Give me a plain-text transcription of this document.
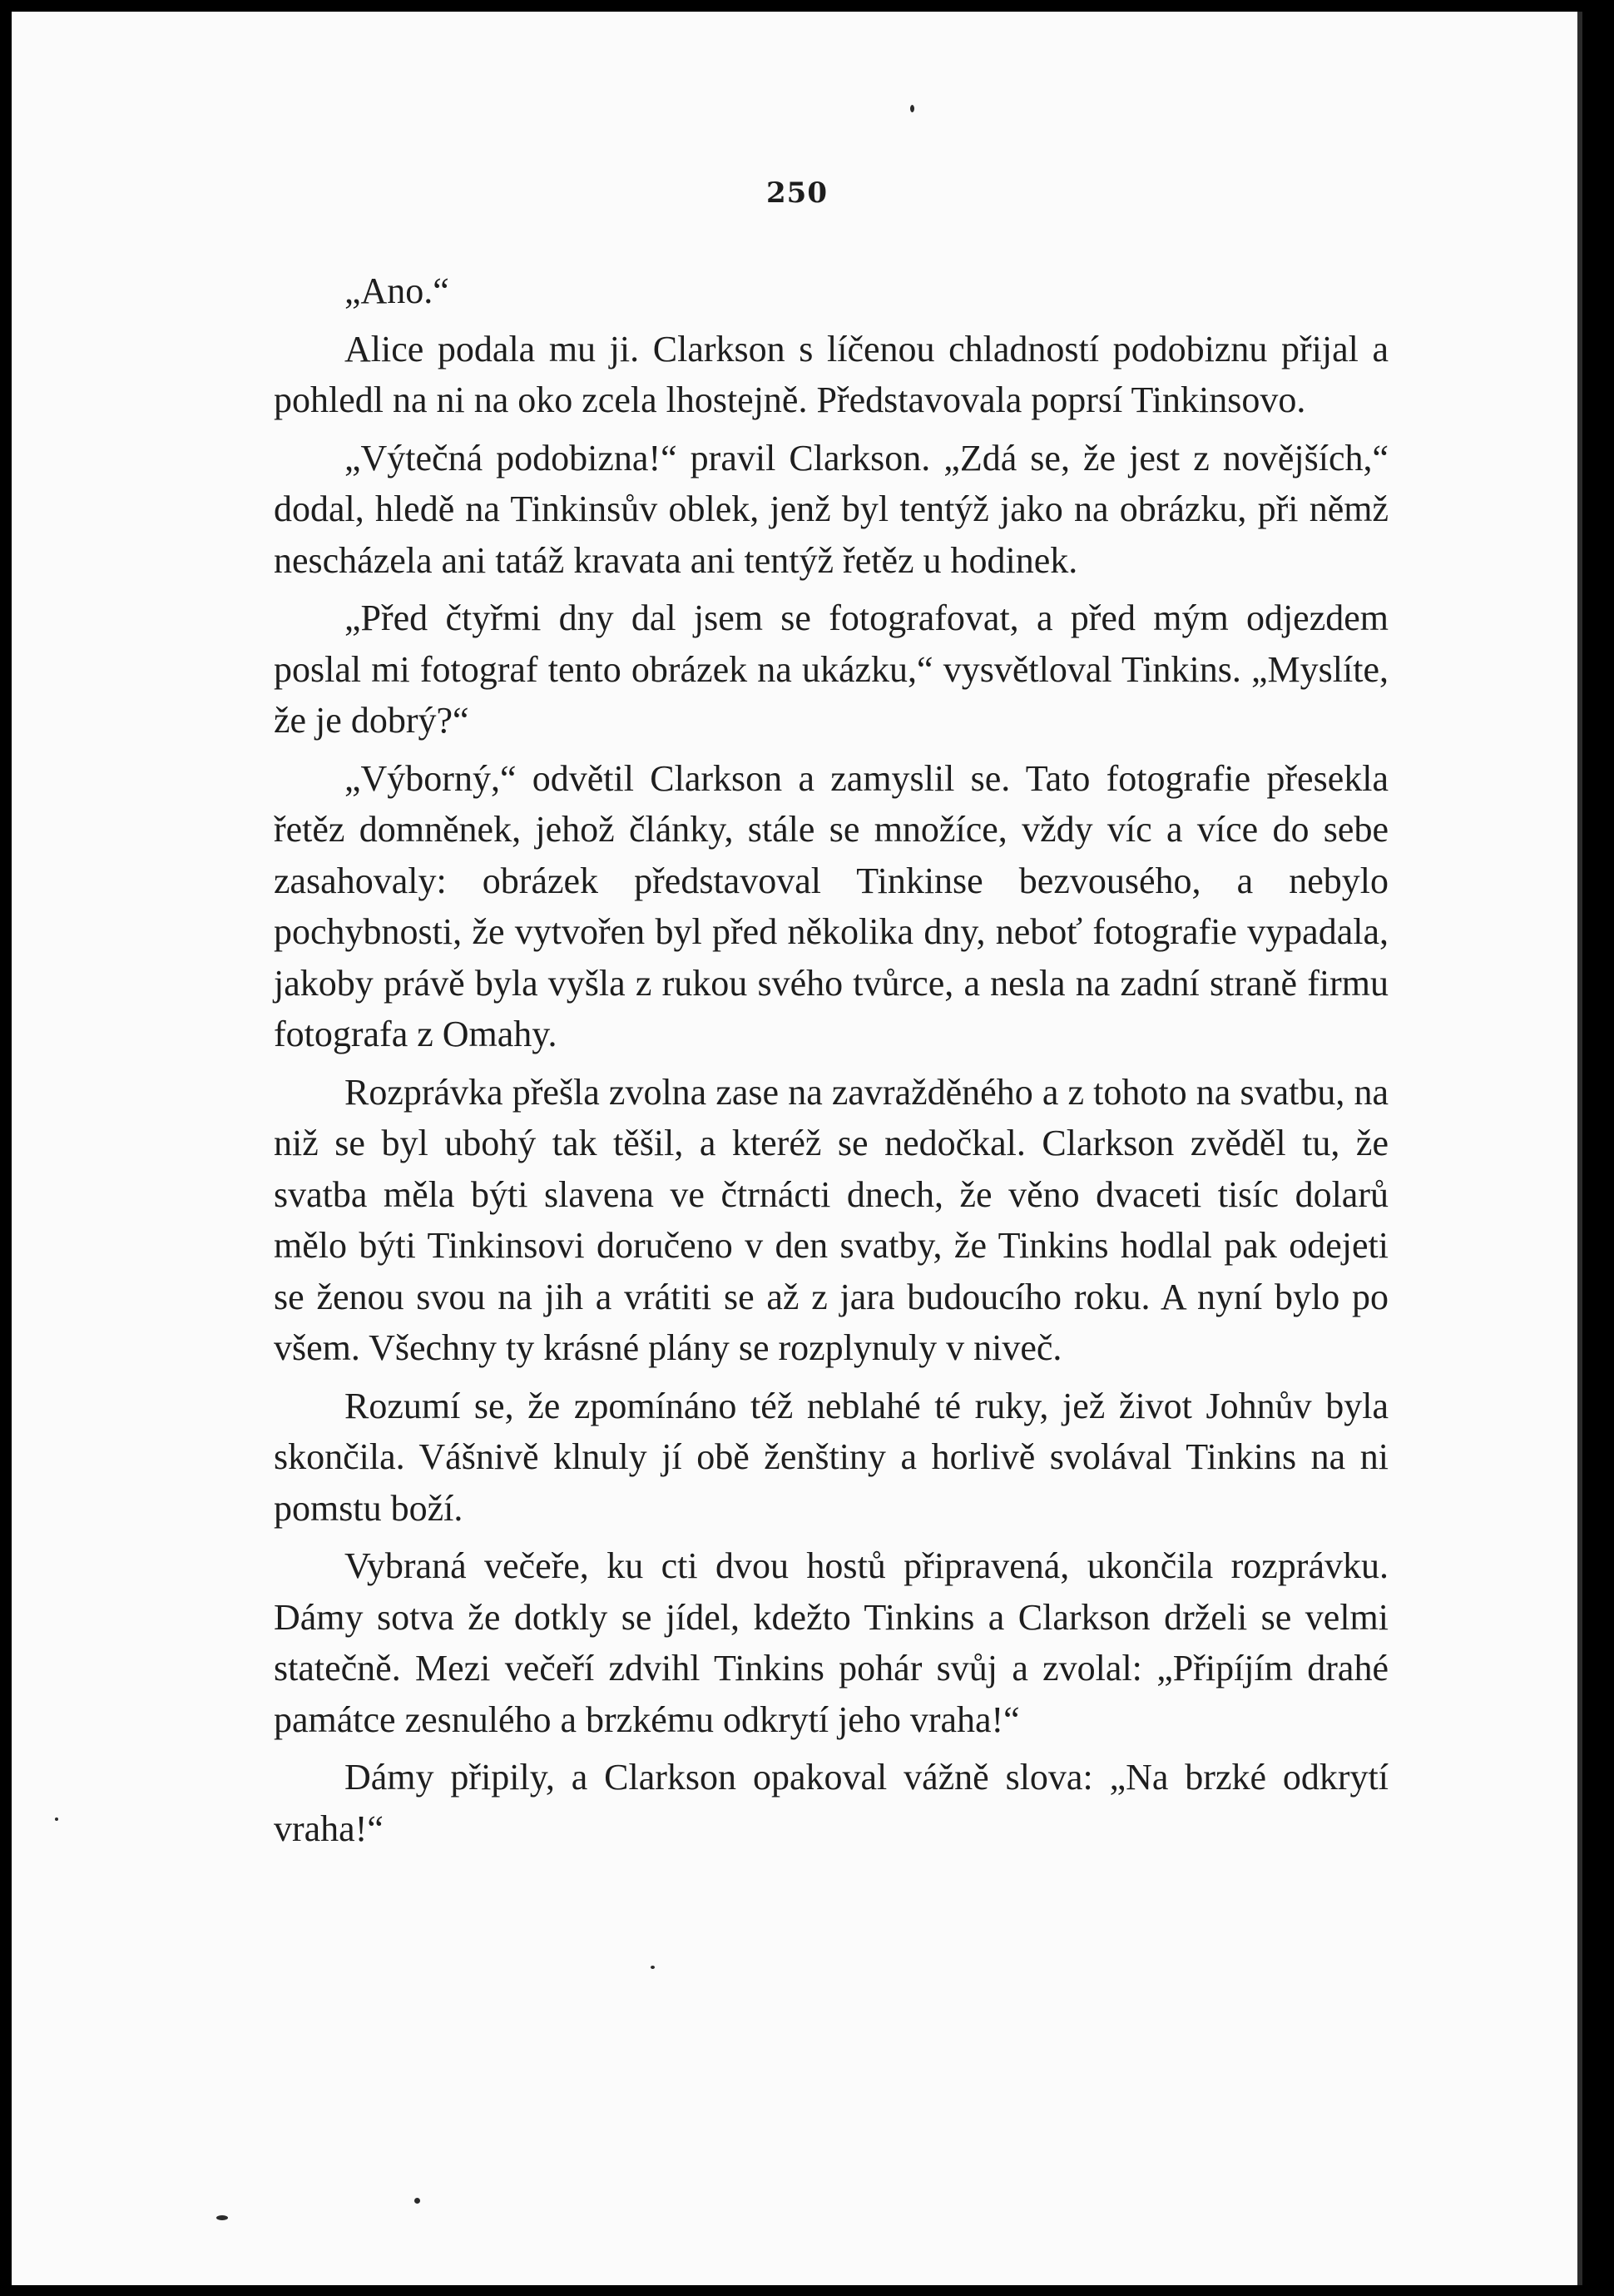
250

„Ano.“

Alice podala mu ji. Clarkson s líčenou chladností podobiznu přijal a pohledl na ni na oko zcela lhostejně. Představovala poprsí Tinkinsovo.

„Výtečná podobizna!“ pravil Clarkson. „Zdá se, že jest z novějších,“ dodal, hledě na Tinkinsův oblek, jenž byl tentýž jako na obrázku, při němž nescházela ani tatáž kravata ani tentýž řetěz u hodinek.

„Před čtyřmi dny dal jsem se fotografovat, a před mým odjezdem poslal mi fotograf tento obrázek na ukázku,“ vysvětloval Tinkins. „Myslíte, že je dobrý?“

„Výborný,“ odvětil Clarkson a zamyslil se. Tato fotografie přesekla řetěz domněnek, jehož články, stále se množíce, vždy víc a více do sebe zasahovaly: obrázek představoval Tinkinse bezvousého, a nebylo pochybnosti, že vytvořen byl před několika dny, neboť fotografie vypadala, jakoby právě byla vyšla z rukou svého tvůrce, a nesla na zadní straně firmu fotografa z Omahy.

Rozprávka přešla zvolna zase na zavražděného a z tohoto na svatbu, na niž se byl ubohý tak těšil, a kteréž se nedočkal. Clarkson zvěděl tu, že svatba měla býti slavena ve čtrnácti dnech, že věno dvaceti tisíc dolarů mělo býti Tinkinsovi doručeno v den svatby, že Tinkins hodlal pak odejeti se ženou svou na jih a vrátiti se až z jara budoucího roku. A nyní bylo po všem. Všechny ty krásné plány se rozplynuly v niveč.

Rozumí se, že zpomínáno též neblahé té ruky, jež život Johnův byla skončila. Vášnivě klnuly jí obě ženštiny a horlivě svolával Tinkins na ni pomstu boží.

Vybraná večeře, ku cti dvou hostů připravená, ukončila rozprávku. Dámy sotva že dotkly se jídel, kdežto Tinkins a Clarkson drželi se velmi statečně. Mezi večeří zdvihl Tinkins pohár svůj a zvolal: „Připíjím drahé památce zesnulého a brzkému odkrytí jeho vraha!“

Dámy připily, a Clarkson opakoval vážně slova: „Na brzké odkrytí vraha!“
